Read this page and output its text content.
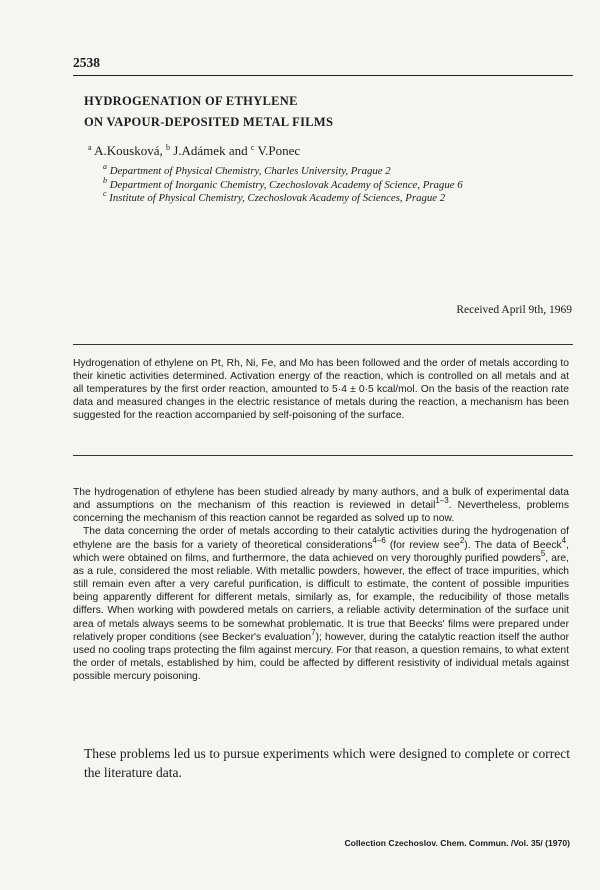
2538
HYDROGENATION OF ETHYLENE
ON VAPOUR-DEPOSITED METAL FILMS
$^a$ A.Kousková, $^b$ J.Adámek and $^c$ V.Ponec
$^a$ Department of Physical Chemistry, Charles University, Prague 2
$^b$ Department of Inorganic Chemistry, Czechoslovak Academy of Science, Prague 6
$^c$ Institute of Physical Chemistry, Czechoslovak Academy of Sciences, Prague 2
Received April 9th, 1969

Hydrogenation of ethylene on Pt, Rh, Ni, Fe, and Mo has been followed and the order of metals according to their kinetic activities determined. Activation energy of the reaction, which is controlled on all metals and at all temperatures by the first order reaction, amounted to 5·4 ± 0·5 kcal/mol. On the basis of the reaction rate data and measured changes in the electric resistance of metals during the reaction, a mechanism has been suggested for the reaction accompanied by self-poisoning of the surface.

The hydrogenation of ethylene has been studied already by many authors, and a bulk of experimental data and assumptions on the mechanism of this reaction is reviewed in detail$^{1-3}$. Nevertheless, problems concerning the mechanism of this reaction cannot be regarded as solved up to now.

The data concerning the order of metals according to their catalytic activities during the hydrogenation of ethylene are the basis for a variety of theoretical considerations$^{4-6}$ (for review see$^2$). The data of Beeck$^4$, which were obtained on films, and furthermore, the data achieved on very thoroughly purified powders$^5$, are, as a rule, considered the most reliable. With metallic powders, however, the effect of trace impurities, which still remain even after a very careful purification, is difficult to estimate, the content of possible impurities being apparently different for different metals, similarly as, for example, the reducibility of those metalls differs. When working with powdered metals on carriers, a reliable activity determination of the surface unit area of metals always seems to be somewhat problematic. It is true that Beecks' films were prepared under relatively proper conditions (see Becker's evaluation$^7$); however, during the catalytic reaction itself the author used no cooling traps protecting the film against mercury. For that reason, a question remains, to what extent the order of metals, established by him, could be affected by different resistivity of individual metals against possible mercury poisoning.

These problems led us to pursue experiments which were designed to complete or correct the literature data.

Collection Czechoslov. Chem. Commun. /Vol. 35/ (1970)
